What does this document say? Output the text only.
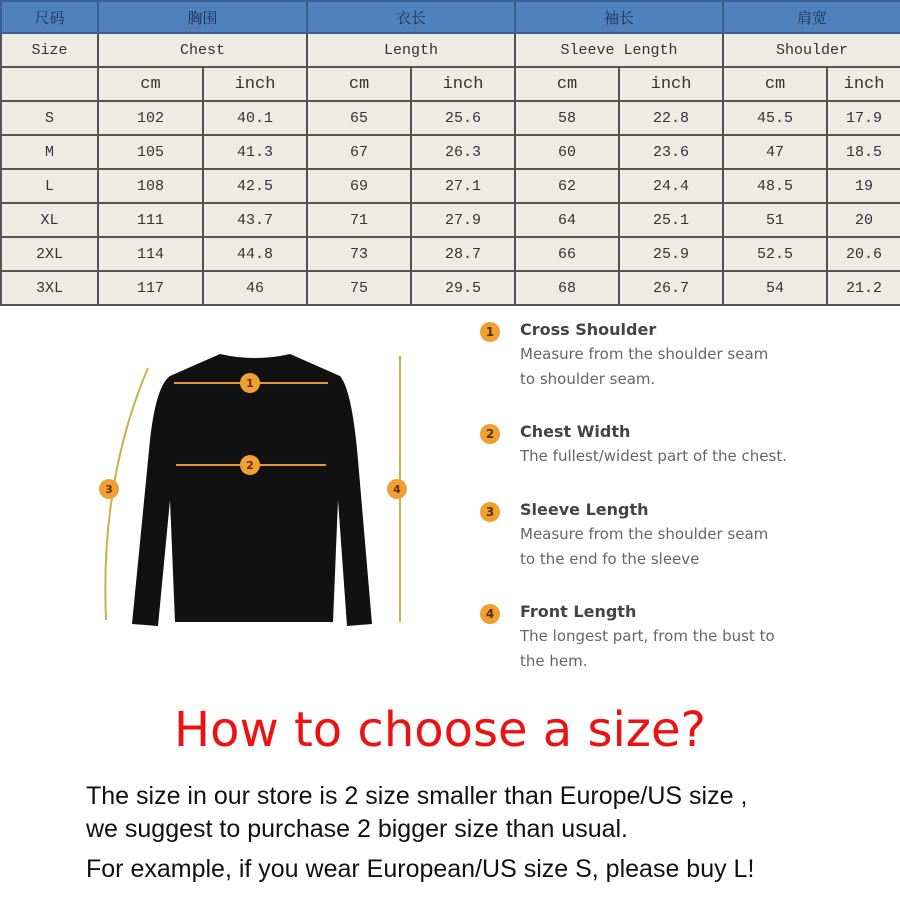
尺码	胸围		衣长		袖长		肩宽	
Size	Chest		Length		Sleeve Length		Shoulder	
	cm	inch	cm	inch	cm	inch	cm	inch
S	102	40.1	65	25.6	58	22.8	45.5	17.9
M	105	41.3	67	26.3	60	23.6	47	18.5
L	108	42.5	69	27.1	62	24.4	48.5	19
XL	111	43.7	71	27.9	64	25.1	51	20
2XL	114	44.8	73	28.7	66	25.9	52.5	20.6
3XL	117	46	75	29.5	68	26.7	54	21.2
1
2
3	4
1	Cross Shoulder
Measure from the shoulder seam
to shoulder seam.
2	Chest Width
The fullest/widest part of the chest.
3	Sleeve Length
Measure from the shoulder seam
to the end fo the sleeve
4	Front Length
The longest part, from the bust to
the hem.
How to choose a size?
The size in our store is 2 size smaller than Europe/US size ,
we suggest to purchase 2 bigger size than usual.
For example, if you wear European/US size S, please buy L!
